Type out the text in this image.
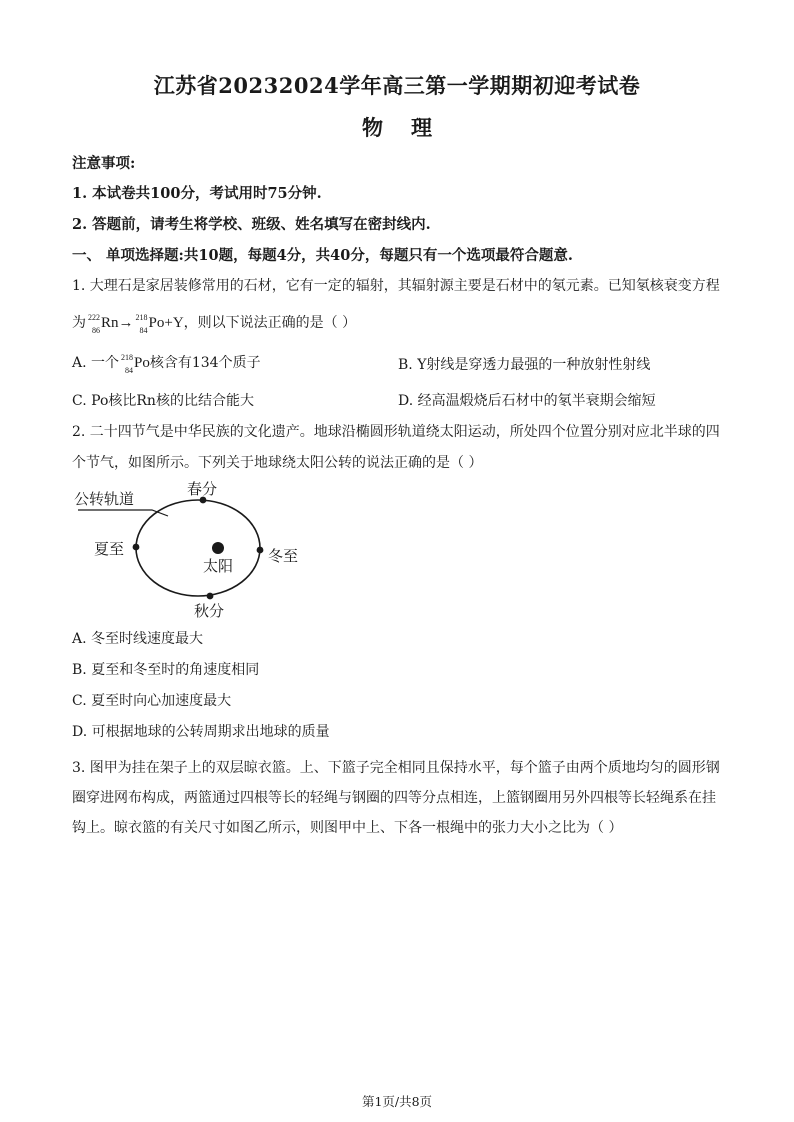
江苏省20232024学年高三第一学期期初迎考试卷
物 理
注意事项:
1. 本试卷共100分，考试用时75分钟.
2. 答题前，请考生将学校、班级、姓名填写在密封线内.
一、 单项选择题:共10题，每题4分，共40分，每题只有一个选项最符合题意.
1. 大理石是家居装修常用的石材，它有一定的辐射，其辐射源主要是石材中的氡元素。已知氡核衰变方程
为 222
86 Rn→ 218
84 Po+Y，则以下说法正确的是（ ）
A. 一个 218
84 Po核含有134个质子	B. Y射线是穿透力最强的一种放射性射线
C. Po核比Rn核的比结合能大	D. 经高温煅烧后石材中的氡半衰期会缩短
2. 二十四节气是中华民族的文化遗产。地球沿椭圆形轨道绕太阳运动，所处四个位置分别对应北半球的四
个节气，如图所示。下列关于地球绕太阳公转的说法正确的是（ ）
公转轨道
春分
夏至	冬至
秋分
太阳
A. 冬至时线速度最大
B. 夏至和冬至时的角速度相同
C. 夏至时向心加速度最大
D. 可根据地球的公转周期求出地球的质量
3. 图甲为挂在架子上的双层晾衣篮。上、下篮子完全相同且保持水平，每个篮子由两个质地均匀的圆形钢
圈穿进网布构成，两篮通过四根等长的轻绳与钢圈的四等分点相连，上篮钢圈用另外四根等长轻绳系在挂
钩上。晾衣篮的有关尺寸如图乙所示，则图甲中上、下各一根绳中的张力大小之比为（ ）
第1页/共8页
